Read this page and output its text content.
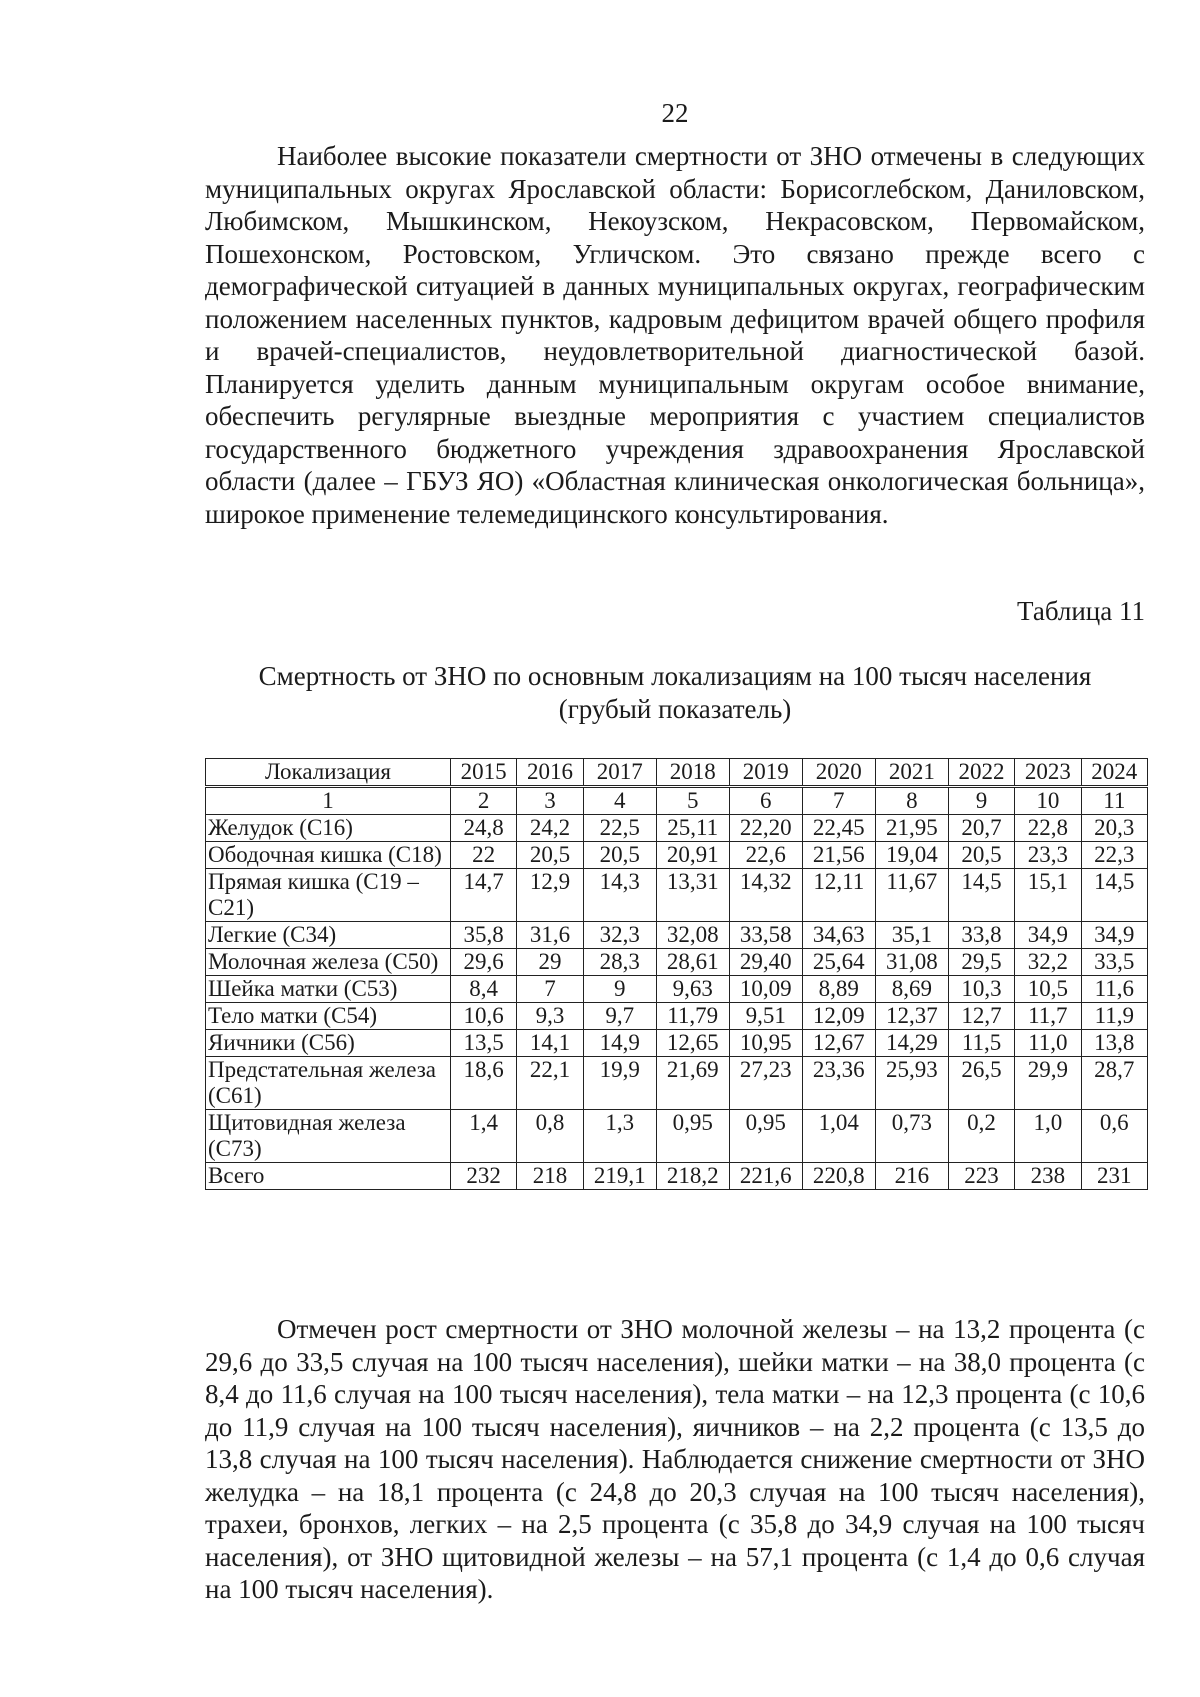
22

Наиболее высокие показатели смертности от ЗНО отмечены в следующих муниципальных округах Ярославской области: Борисоглебском, Даниловском, Любимском, Мышкинском, Некоузском, Некрасовском, Первомайском, Пошехонском, Ростовском, Угличском. Это связано прежде всего с демографической ситуацией в данных муниципальных округах, географическим положением населенных пунктов, кадровым дефицитом врачей общего профиля и врачей-специалистов, неудовлетворительной диагностической базой. Планируется уделить данным муниципальным округам особое внимание, обеспечить регулярные выездные мероприятия с участием специалистов государственного бюджетного учреждения здравоохранения Ярославской области (далее – ГБУЗ ЯО) «Областная клиническая онкологическая больница», широкое применение телемедицинского консультирования.

Таблица 11
Смертность от ЗНО по основным локализациям на 100 тысяч населения
(грубый показатель)
Локализация	2015	2016	2017	2018	2019	2020	2021	2022	2023	2024
1	2	3	4	5	6	7	8	9	10	11
Желудок (С16)	24,8	24,2	22,5	25,11	22,20	22,45	21,95	20,7	22,8	20,3
Ободочная кишка (С18)	22	20,5	20,5	20,91	22,6	21,56	19,04	20,5	23,3	22,3
Прямая кишка (С19 – С21)	14,7	12,9	14,3	13,31	14,32	12,11	11,67	14,5	15,1	14,5
Легкие (С34)	35,8	31,6	32,3	32,08	33,58	34,63	35,1	33,8	34,9	34,9
Молочная железа (С50)	29,6	29	28,3	28,61	29,40	25,64	31,08	29,5	32,2	33,5
Шейка матки (С53)	8,4	7	9	9,63	10,09	8,89	8,69	10,3	10,5	11,6
Тело матки (С54)	10,6	9,3	9,7	11,79	9,51	12,09	12,37	12,7	11,7	11,9
Яичники (С56)	13,5	14,1	14,9	12,65	10,95	12,67	14,29	11,5	11,0	13,8
Предстательная железа (С61)	18,6	22,1	19,9	21,69	27,23	23,36	25,93	26,5	29,9	28,7
Щитовидная железа (С73)	1,4	0,8	1,3	0,95	0,95	1,04	0,73	0,2	1,0	0,6
Всего	232	218	219,1	218,2	221,6	220,8	216	223	238	231

Отмечен рост смертности от ЗНО молочной железы – на 13,2 процента (с 29,6 до 33,5 случая на 100 тысяч населения), шейки матки – на 38,0 процента (с 8,4 до 11,6 случая на 100 тысяч населения), тела матки – на 12,3 процента (с 10,6 до 11,9 случая на 100 тысяч населения), яичников – на 2,2 процента (с 13,5 до 13,8 случая на 100 тысяч населения). Наблюдается снижение смертности от ЗНО желудка – на 18,1 процента (с 24,8 до 20,3 случая на 100 тысяч населения), трахеи, бронхов, легких – на 2,5 процента (с 35,8 до 34,9 случая на 100 тысяч населения), от ЗНО щитовидной железы – на 57,1 процента (с 1,4 до 0,6 случая на 100 тысяч населения).
